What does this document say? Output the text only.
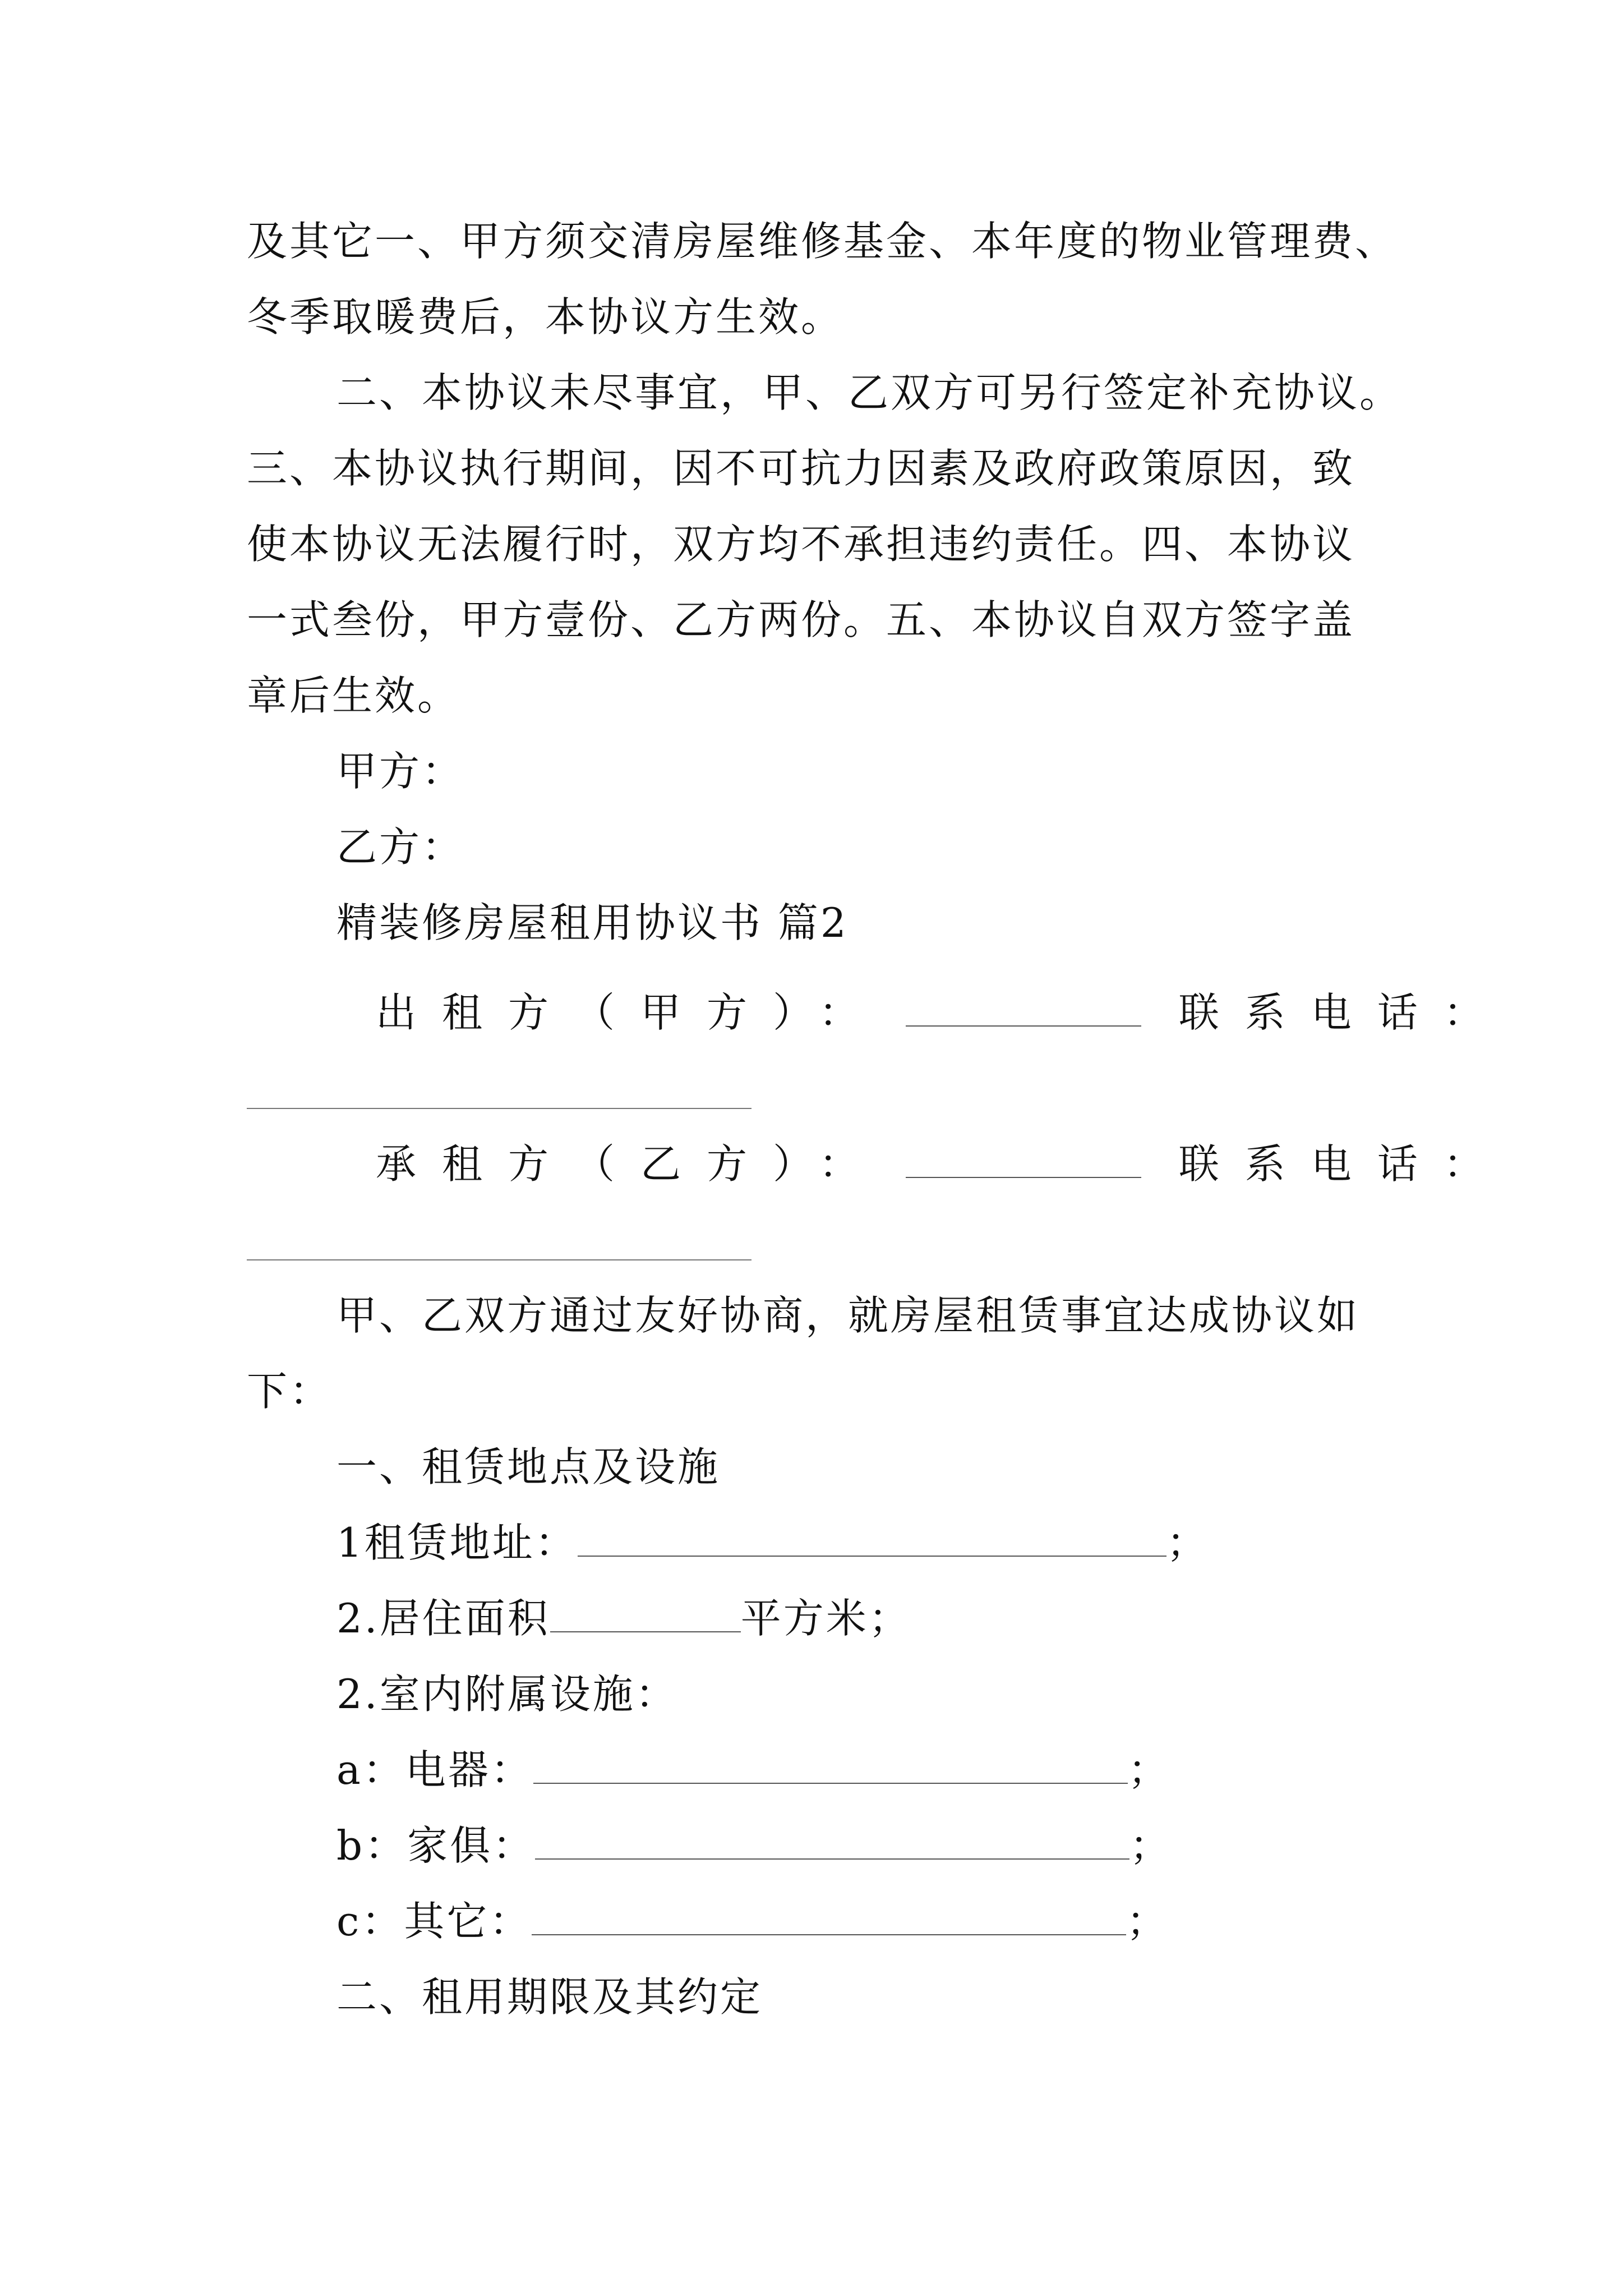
及其它一、甲方须交清房屋维修基金、本年度的物业管理费、
冬季取暖费后，本协议方生效。
二、本协议未尽事宜，甲、乙双方可另行签定补充协议。
三、本协议执行期间，因不可抗力因素及政府政策原因，致
使本协议无法履行时，双方均不承担违约责任。四、本协议
一式叁份，甲方壹份、乙方两份。五、本协议自双方签字盖
章后生效。
甲方：
乙方：
精装修房屋租用协议书 篇2
出租方（甲方）：	联系电话：
承租方（乙方）：	联系电话：
甲、乙双方通过友好协商，就房屋租赁事宜达成协议如
下：
一、租赁地点及设施
1租赁地址：	；
2.居住面积	平方米；
2.室内附属设施：
a：电器：	；
b：家俱：	；
c：其它：	；
二、租用期限及其约定
